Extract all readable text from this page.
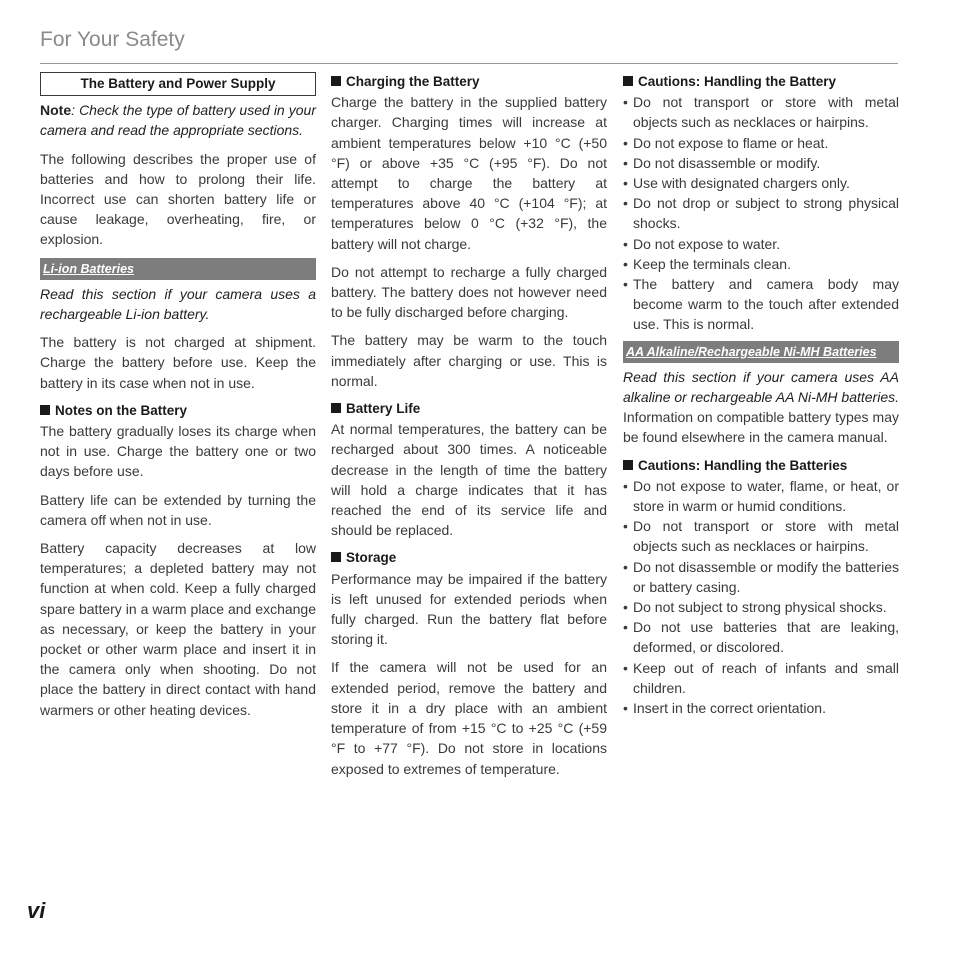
For Your Safety
The Battery and Power Supply

Note: Check the type of battery used in your camera and read the appropriate sections.

The following describes the proper use of batteries and how to prolong their life. Incorrect use can shorten battery life or cause leakage, overheating, fire, or explosion.

Li-ion Batteries

Read this section if your camera uses a rechargeable Li-ion battery.

The battery is not charged at shipment. Charge the battery before use. Keep the battery in its case when not in use.

Notes on the Battery

The battery gradually loses its charge when not in use. Charge the battery one or two days before use.

Battery life can be extended by turning the camera off when not in use.

Battery capacity decreases at low temperatures; a depleted battery may not function at when cold. Keep a fully charged spare battery in a warm place and exchange as necessary, or keep the battery in your pocket or other warm place and insert it in the camera only when shooting. Do not place the battery in direct contact with hand warmers or other heating devices.

Charging the Battery

Charge the battery in the supplied battery charger. Charging times will increase at ambient temperatures below +10 °C (+50 °F) or above +35 °C (+95 °F). Do not attempt to charge the battery at temperatures above 40 °C (+104 °F); at temperatures below 0 °C (+32 °F), the battery will not charge.

Do not attempt to recharge a fully charged battery. The battery does not however need to be fully discharged before charging.

The battery may be warm to the touch immediately after charging or use. This is normal.

Battery Life

At normal temperatures, the battery can be recharged about 300 times. A noticeable decrease in the length of time the battery will hold a charge indicates that it has reached the end of its service life and should be replaced.

Storage

Performance may be impaired if the battery is left unused for extended periods when fully charged. Run the battery flat before storing it.

If the camera will not be used for an extended period, remove the battery and store it in a dry place with an ambient temperature of from +15 °C to +25 °C (+59 °F to +77 °F). Do not store in locations exposed to extremes of temperature.

Cautions: Handling the Battery
• Do not transport or store with metal objects such as necklaces or hairpins.
• Do not expose to flame or heat.
• Do not disassemble or modify.
• Use with designated chargers only.
• Do not drop or subject to strong physical shocks.
• Do not expose to water.
• Keep the terminals clean.
• The battery and camera body may become warm to the touch after extended use. This is normal.
AA Alkaline/Rechargeable Ni-MH Batteries

Read this section if your camera uses AA alkaline or rechargeable AA Ni-MH batteries. Information on compatible battery types may be found elsewhere in the camera manual.

Cautions: Handling the Batteries
• Do not expose to water, flame, or heat, or store in warm or humid conditions.
• Do not transport or store with metal objects such as necklaces or hairpins.
• Do not disassemble or modify the batteries or battery casing.
• Do not subject to strong physical shocks.
• Do not use batteries that are leaking, deformed, or discolored.
• Keep out of reach of infants and small children.
• Insert in the correct orientation.
vi
